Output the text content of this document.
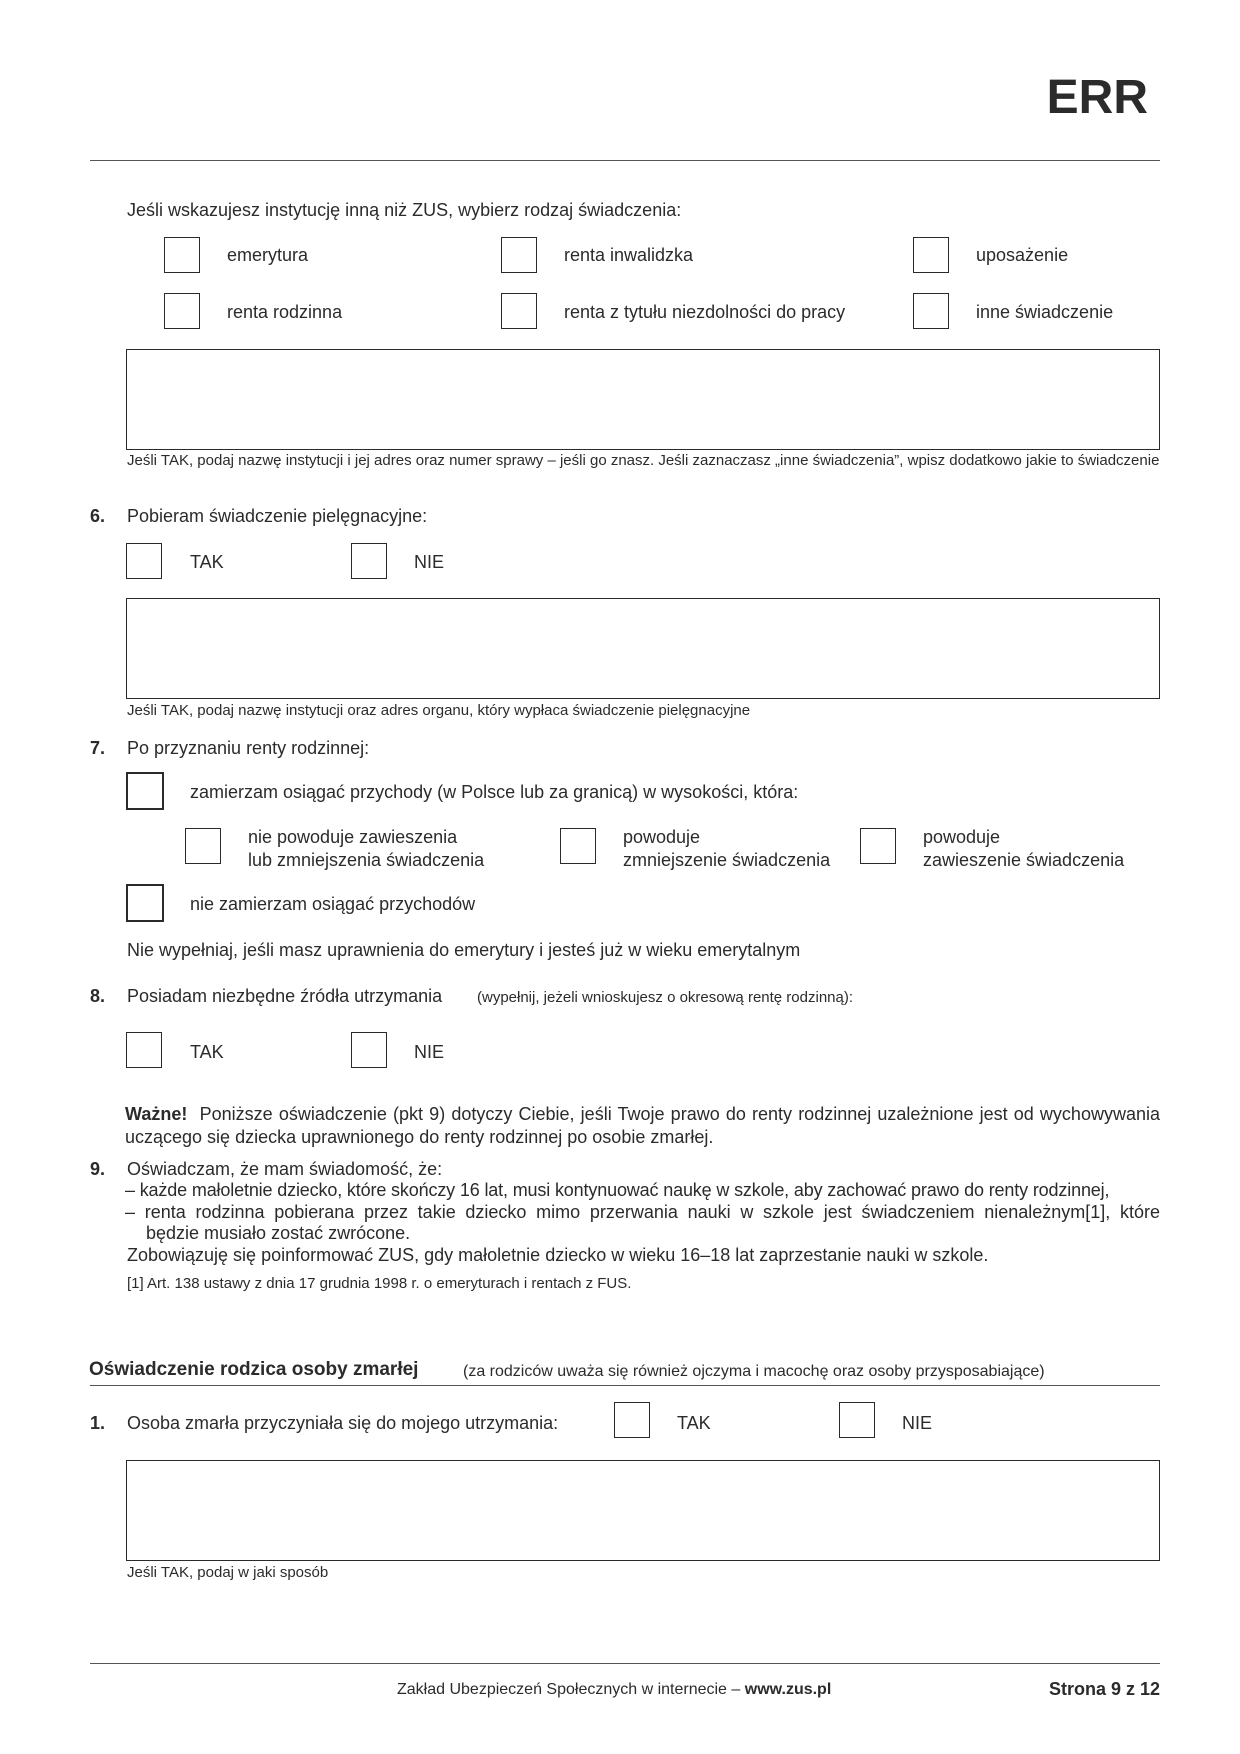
ERR
Jeśli wskazujesz instytucję inną niż ZUS, wybierz rodzaj świadczenia:
emerytura	renta inwalidzka	uposażenie
renta rodzinna	renta z tytułu niezdolności do pracy	inne świadczenie
Jeśli TAK, podaj nazwę instytucji i jej adres oraz numer sprawy – jeśli go znasz. Jeśli zaznaczasz „inne świadczenia”, wpisz dodatkowo jakie to świadczenie
6. Pobieram świadczenie pielęgnacyjne:
TAK	NIE
Jeśli TAK, podaj nazwę instytucji oraz adres organu, który wypłaca świadczenie pielęgnacyjne
7. Po przyznaniu renty rodzinnej:
zamierzam osiągać przychody (w Polsce lub za granicą) w wysokości, która:
nie powoduje zawieszenia
lub zmniejszenia świadczenia
powoduje
zmniejszenie świadczenia
powoduje
zawieszenie świadczenia
nie zamierzam osiągać przychodów
Nie wypełniaj, jeśli masz uprawnienia do emerytury i jesteś już w wieku emerytalnym
8. Posiadam niezbędne źródła utrzymania (wypełnij, jeżeli wnioskujesz o okresową rentę rodzinną):
TAK	NIE
Ważne! Poniższe oświadczenie (pkt 9) dotyczy Ciebie, jeśli Twoje prawo do renty rodzinnej uzależnione jest od wychowywania uczącego się dziecka uprawnionego do renty rodzinnej po osobie zmarłej.
9. Oświadczam, że mam świadomość, że:
– każde małoletnie dziecko, które skończy 16 lat, musi kontynuować naukę w szkole, aby zachować prawo do renty rodzinnej,
– renta rodzinna pobierana przez takie dziecko mimo przerwania nauki w szkole jest świadczeniem nienależnym[1], które
będzie musiało zostać zwrócone.
Zobowiązuję się poinformować ZUS, gdy małoletnie dziecko w wieku 16–18 lat zaprzestanie nauki w szkole.
[1] Art. 138 ustawy z dnia 17 grudnia 1998 r. o emeryturach i rentach z FUS.
Oświadczenie rodzica osoby zmarłej	(za rodziców uważa się również ojczyma i macochę oraz osoby przysposabiające)
1. Osoba zmarła przyczyniała się do mojego utrzymania:	TAK	NIE
Jeśli TAK, podaj w jaki sposób
Zakład Ubezpieczeń Społecznych w internecie – www.zus.pl	Strona 9 z 12
